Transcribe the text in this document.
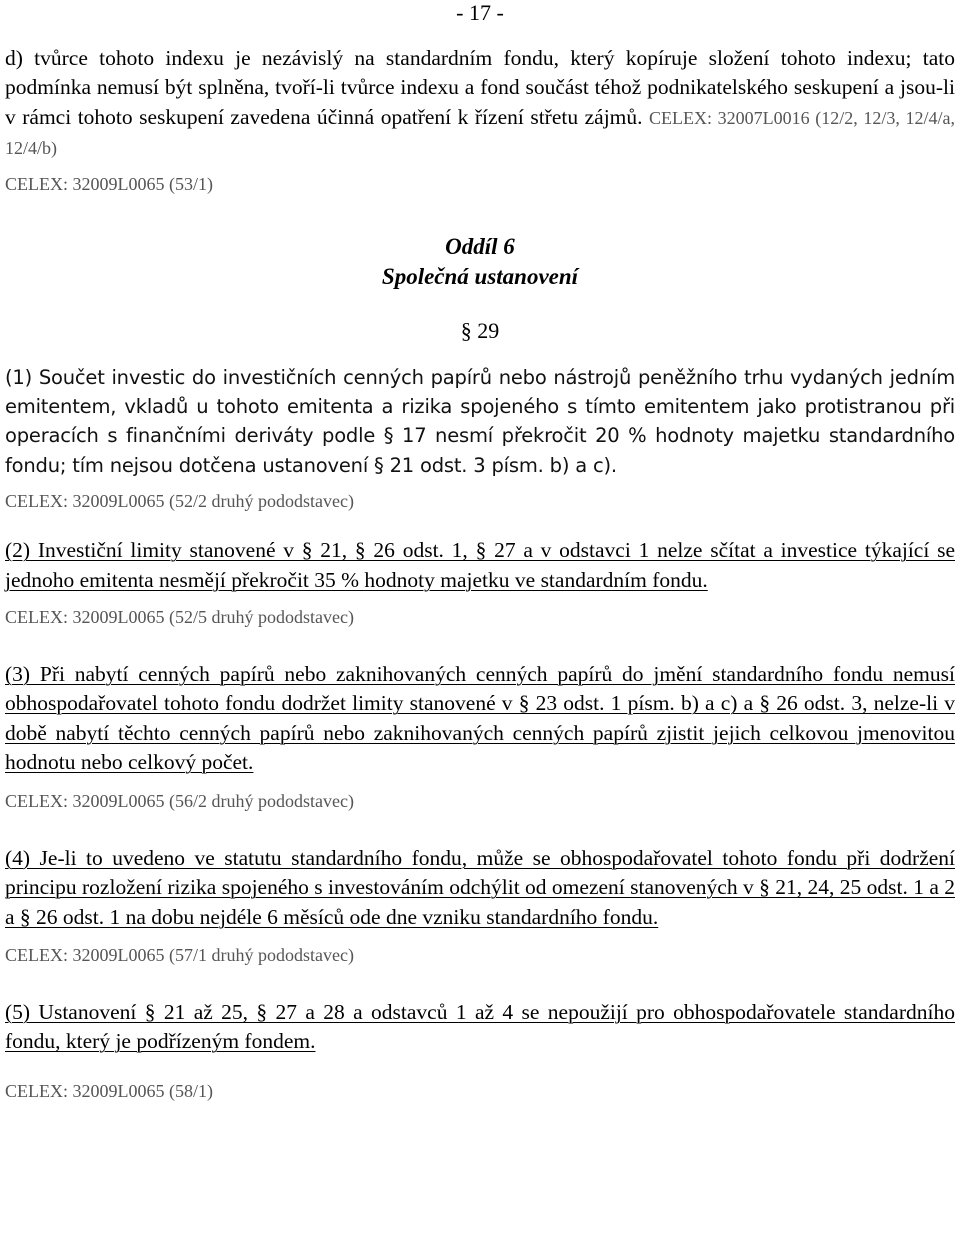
- 17 -

d) tvůrce tohoto indexu je nezávislý na standardním fondu, který kopíruje složení tohoto indexu; tato podmínka nemusí být splněna, tvoří-li tvůrce indexu a fond součást téhož podnikatelského seskupení a jsou-li v rámci tohoto seskupení zavedena účinná opatření k řízení střetu zájmů. CELEX: 32007L0016 (12/2, 12/3, 12/4/a, 12/4/b)

CELEX: 32009L0065 (53/1)

Oddíl 6

Společná ustanovení

§ 29

(1) Součet investic do investičních cenných papírů nebo nástrojů peněžního trhu vydaných jedním emitentem, vkladů u tohoto emitenta a rizika spojeného s tímto emitentem jako protistranou při operacích s finančními deriváty podle § 17 nesmí překročit 20 % hodnoty majetku standardního fondu; tím nejsou dotčena ustanovení § 21 odst. 3 písm. b) a c).

CELEX: 32009L0065 (52/2 druhý pododstavec)

(2) Investiční limity stanovené v § 21, § 26 odst. 1, § 27 a v odstavci 1 nelze sčítat a investice týkající se jednoho emitenta nesmějí překročit 35 % hodnoty majetku ve standardním fondu.

CELEX: 32009L0065 (52/5 druhý pododstavec)

(3) Při nabytí cenných papírů nebo zaknihovaných cenných papírů do jmění standardního fondu nemusí obhospodařovatel tohoto fondu dodržet limity stanovené v § 23 odst. 1 písm. b) a c) a § 26 odst. 3, nelze-li v době nabytí těchto cenných papírů nebo zaknihovaných cenných papírů zjistit jejich celkovou jmenovitou hodnotu nebo celkový počet.

CELEX: 32009L0065 (56/2 druhý pododstavec)

(4) Je-li to uvedeno ve statutu standardního fondu, může se obhospodařovatel tohoto fondu při dodržení principu rozložení rizika spojeného s investováním odchýlit od omezení stanovených v § 21, 24, 25 odst. 1 a 2 a § 26 odst. 1 na dobu nejdéle 6 měsíců ode dne vzniku standardního fondu.

CELEX: 32009L0065 (57/1 druhý pododstavec)

(5) Ustanovení § 21 až 25, § 27 a 28 a odstavců 1 až 4 se nepoužijí pro obhospodařovatele standardního fondu, který je podřízeným fondem.

CELEX: 32009L0065 (58/1)
